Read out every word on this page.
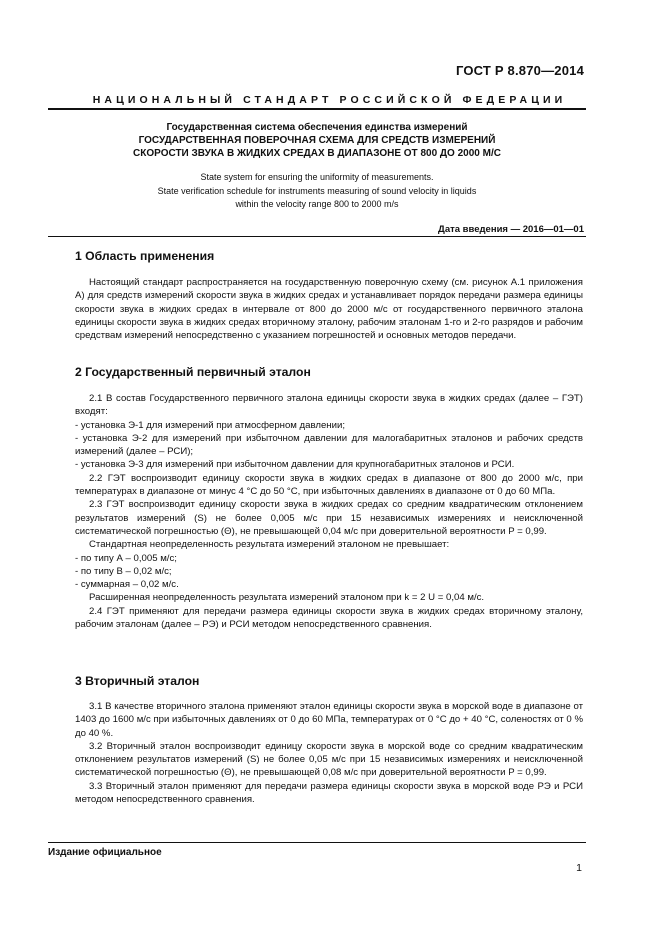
ГОСТ Р 8.870—2014
НАЦИОНАЛЬНЫЙ СТАНДАРТ РОССИЙСКОЙ ФЕДЕРАЦИИ
Государственная система обеспечения единства измерений
ГОСУДАРСТВЕННАЯ ПОВЕРОЧНАЯ СХЕМА ДЛЯ СРЕДСТВ ИЗМЕРЕНИЙ
СКОРОСТИ ЗВУКА В ЖИДКИХ СРЕДАХ В ДИАПАЗОНЕ ОТ 800 ДО 2000 М/С
State system for ensuring the uniformity of measurements.
State verification schedule for instruments measuring of sound velocity in liquids
within the velocity range 800 to 2000 m/s
Дата введения — 2016—01—01
1 Область применения

Настоящий стандарт распространяется на государственную поверочную схему (см. рисунок А.1 приложения А) для средств измерений скорости звука в жидких средах и устанавливает порядок передачи размера единицы скорости звука в жидких средах в интервале от 800 до 2000 м/с от государственного первичного эталона единицы скорости звука в жидких средах вторичному эталону, рабочим эталонам 1-го и 2-го разрядов и рабочим средствам измерений непосредственно с указанием погрешностей и основных методов передачи.

2 Государственный первичный эталон

2.1 В состав Государственного первичного эталона единицы скорости звука в жидких средах (далее – ГЭТ) входят:

- установка Э-1 для измерений при атмосферном давлении;

- установка Э-2 для измерений при избыточном давлении для малогабаритных эталонов и рабочих средств измерений (далее – РСИ);

- установка Э-3 для измерений при избыточном давлении для крупногабаритных эталонов и РСИ.

2.2 ГЭТ воспроизводит единицу скорости звука в жидких средах в диапазоне от 800 до 2000 м/с, при температурах в диапазоне от минус 4 °С до 50 °С, при избыточных давлениях в диапазоне от 0 до 60 МПа.

2.3 ГЭТ воспроизводит единицу скорости звука в жидких средах со средним квадратическим отклонением результатов измерений (S) не более 0,005 м/с при 15 независимых измерениях и неисключенной систематической погрешностью (Θ), не превышающей 0,04 м/с при доверительной вероятности P = 0,99.

Стандартная неопределенность результата измерений эталоном не превышает:

- по типу А – 0,005 м/с;

- по типу В – 0,02 м/с;

- суммарная – 0,02 м/с.

Расширенная неопределенность результата измерений эталоном при k = 2 U = 0,04 м/с.

2.4 ГЭТ применяют для передачи размера единицы скорости звука в жидких средах вторичному эталону, рабочим эталонам (далее – РЭ) и РСИ методом непосредственного сравнения.

3 Вторичный эталон

3.1 В качестве вторичного эталона применяют эталон единицы скорости звука в морской воде в диапазоне от 1403 до 1600 м/с при избыточных давлениях от 0 до 60 МПа, температурах от 0 °С до + 40 °С, соленостях от 0 % до 40 %.

3.2 Вторичный эталон воспроизводит единицу скорости звука в морской воде со средним квадратическим отклонением результатов измерений (S) не более 0,05 м/с при 15 независимых измерениях и неисключенной систематической погрешностью (Θ), не превышающей 0,08 м/с при доверительной вероятности P = 0,99.

3.3 Вторичный эталон применяют для передачи размера единицы скорости звука в морской воде РЭ и РСИ методом непосредственного сравнения.

Издание официальное
1
